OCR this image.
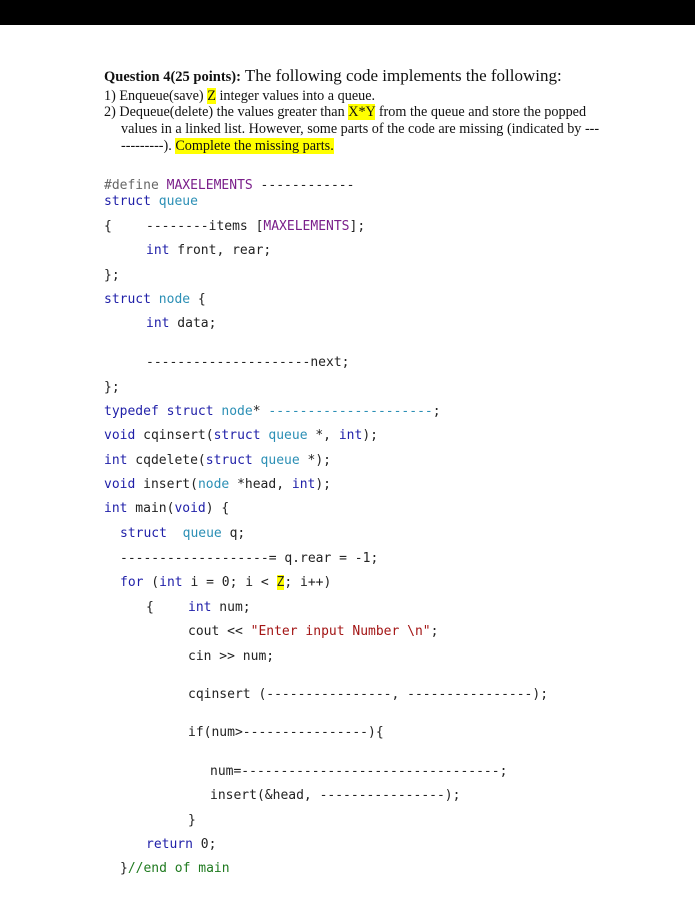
Question 4(25 points): The following code implements the following:
1) Enqueue(save) Z integer values into a queue.
2) Dequeue(delete) the values greater than X*Y from the queue and store the popped
values in a linked list. However, some parts of the code are missing (indicated by ---
---------). Complete the missing parts.
#define MAXELEMENTS ------------
struct queue
{	--------items [MAXELEMENTS];
int front, rear;
};
struct node {
int data;
---------------------next;
};
typedef struct node* ---------------------;
void cqinsert(struct queue *, int);
int cqdelete(struct queue *);
void insert(node *head, int);
int main(void) {
struct  queue q;
-------------------= q.rear = -1;
for (int i = 0; i < Z; i++)
{	int num;
cout << "Enter input Number \n";
cin >> num;
cqinsert (----------------, ----------------);
if(num>----------------){
num=---------------------------------;
insert(&head, ----------------);
}
return 0;
}//end of main
